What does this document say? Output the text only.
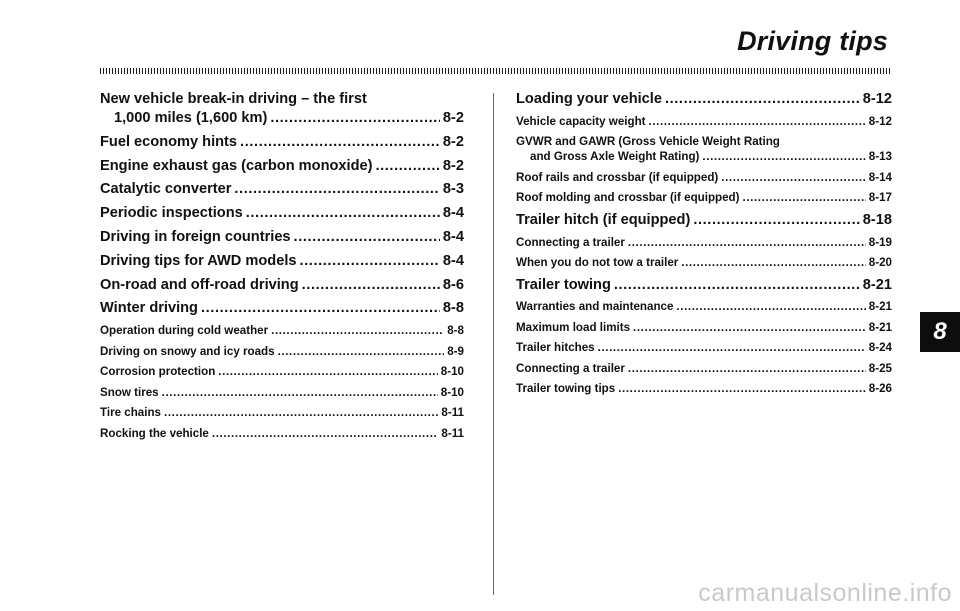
Driving tips
New vehicle break-in driving – the first
1,000 miles (1,600 km) .....	8-2
Fuel economy hints .....	8-2
Engine exhaust gas (carbon monoxide) .....	8-2
Catalytic converter .....	8-3
Periodic inspections .....	8-4
Driving in foreign countries .....	8-4
Driving tips for AWD models .....	8-4
On-road and off-road driving .....	8-6
Winter driving .....	8-8
Operation during cold weather .....	8-8
Driving on snowy and icy roads .....	8-9
Corrosion protection .....	8-10
Snow tires .....	8-10
Tire chains .....	8-11
Rocking the vehicle .....	8-11
Loading your vehicle .....	8-12
Vehicle capacity weight .....	8-12
GVWR and GAWR (Gross Vehicle Weight Rating
and Gross Axle Weight Rating) .....	8-13
Roof rails and crossbar (if equipped) .....	8-14
Roof molding and crossbar (if equipped) .....	8-17
Trailer hitch (if equipped) .....	8-18
Connecting a trailer .....	8-19
When you do not tow a trailer .....	8-20
Trailer towing .....	8-21
Warranties and maintenance .....	8-21
Maximum load limits .....	8-21
Trailer hitches .....	8-24
Connecting a trailer .....	8-25
Trailer towing tips .....	8-26
8
carmanualsonline.info
